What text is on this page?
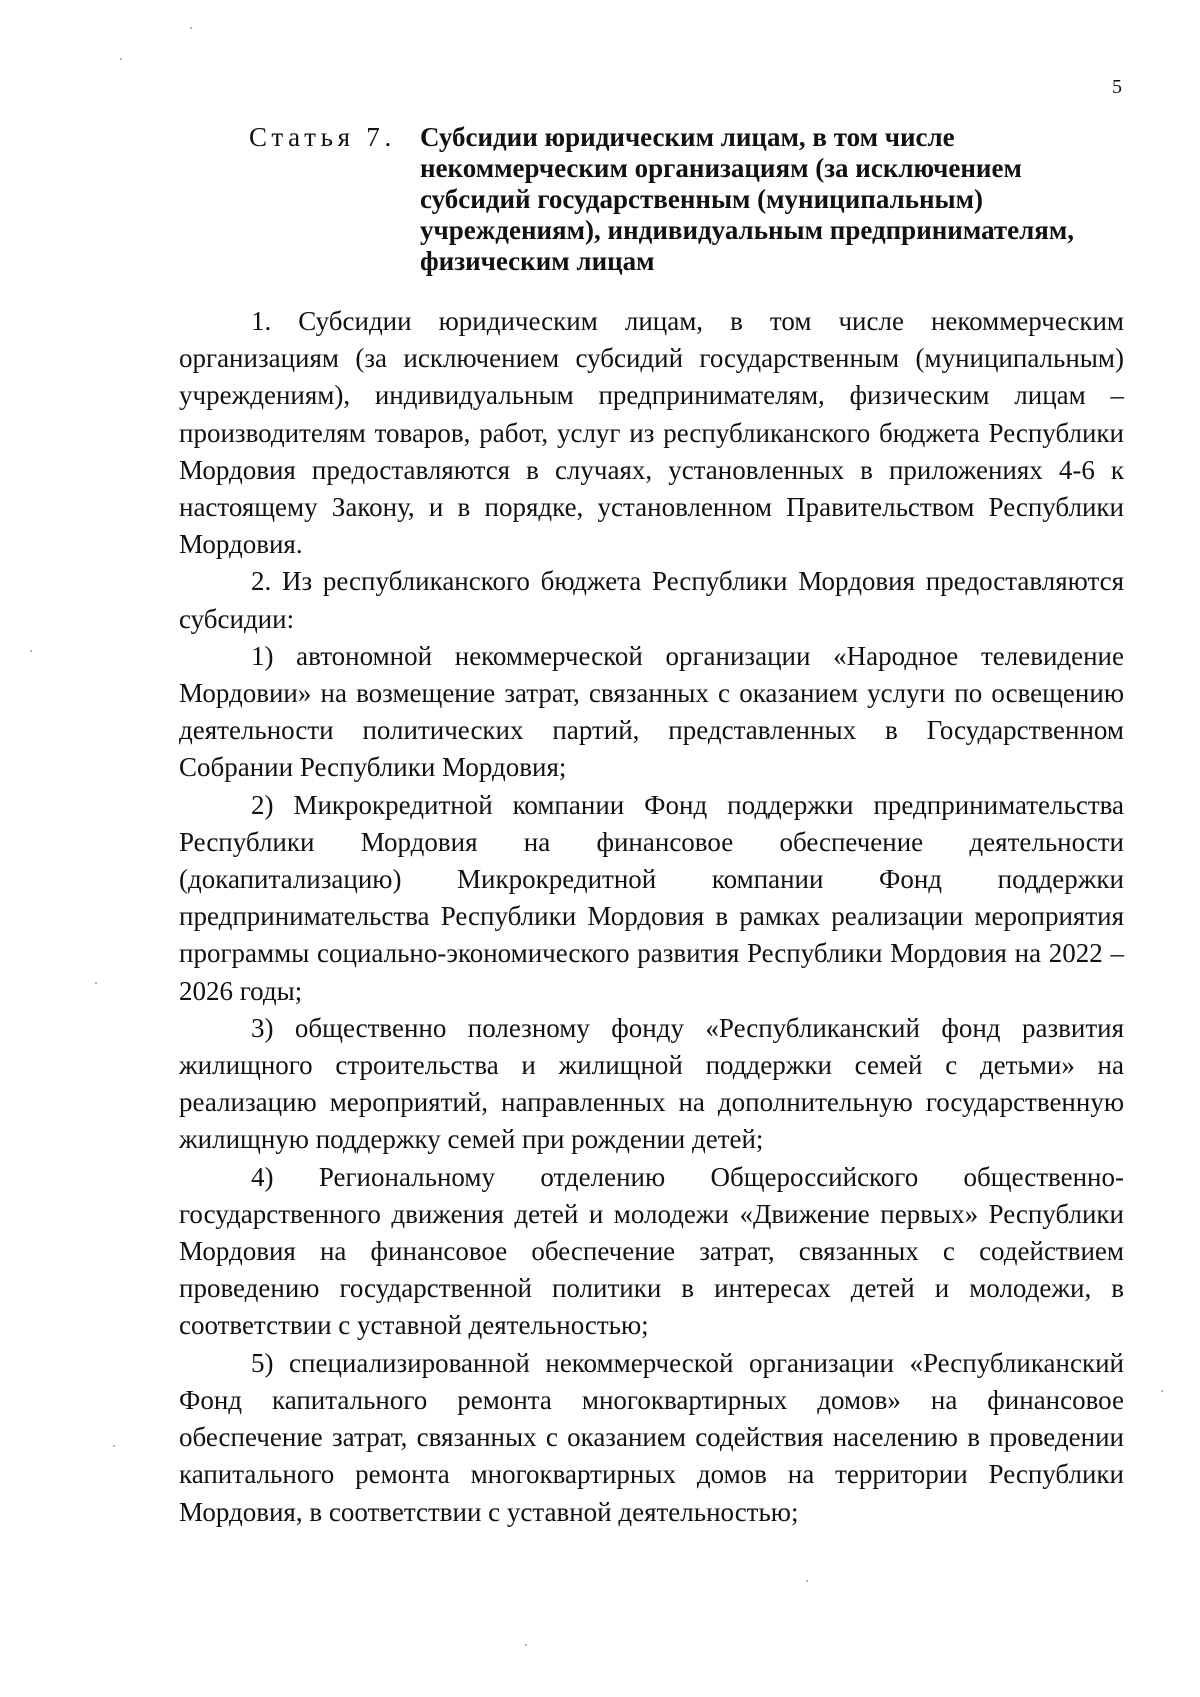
5
Статья 7. Субсидии юридическим лицам, в том числе
некоммерческим организациям (за исключением
субсидий государственным (муниципальным)
учреждениям), индивидуальным предпринимателям,
физическим лицам

1. Субсидии юридическим лицам, в том числе некоммерческим организациям (за исключением субсидий государственным (муниципальным) учреждениям), индивидуальным предпринимателям, физическим лицам – производителям товаров, работ, услуг из республиканского бюджета Республики Мордовия предоставляются в случаях, установленных в приложениях 4-6 к настоящему Закону, и в порядке, установленном Правительством Республики Мордовия.

2. Из республиканского бюджета Республики Мордовия предоставляются субсидии:

1) автономной некоммерческой организации «Народное телевидение Мордовии» на возмещение затрат, связанных с оказанием услуги по освещению деятельности политических партий, представленных в Государственном Собрании Республики Мордовия;

2) Микрокредитной компании Фонд поддержки предпринимательства Республики Мордовия на финансовое обеспечение деятельности (докапитализацию) Микрокредитной компании Фонд поддержки предпринимательства Республики Мордовия в рамках реализации мероприятия программы социально-экономического развития Республики Мордовия на 2022 – 2026 годы;

3) общественно полезному фонду «Республиканский фонд развития жилищного строительства и жилищной поддержки семей с детьми» на реализацию мероприятий, направленных на дополнительную государственную жилищную поддержку семей при рождении детей;

4) Региональному отделению Общероссийского общественно-государственного движения детей и молодежи «Движение первых» Республики Мордовия на финансовое обеспечение затрат, связанных с содействием проведению государственной политики в интересах детей и молодежи, в соответствии с уставной деятельностью;

5) специализированной некоммерческой организации «Республиканский Фонд капитального ремонта многоквартирных домов» на финансовое обеспечение затрат, связанных с оказанием содействия населению в проведении капитального ремонта многоквартирных домов на территории Республики Мордовия, в соответствии с уставной деятельностью;
